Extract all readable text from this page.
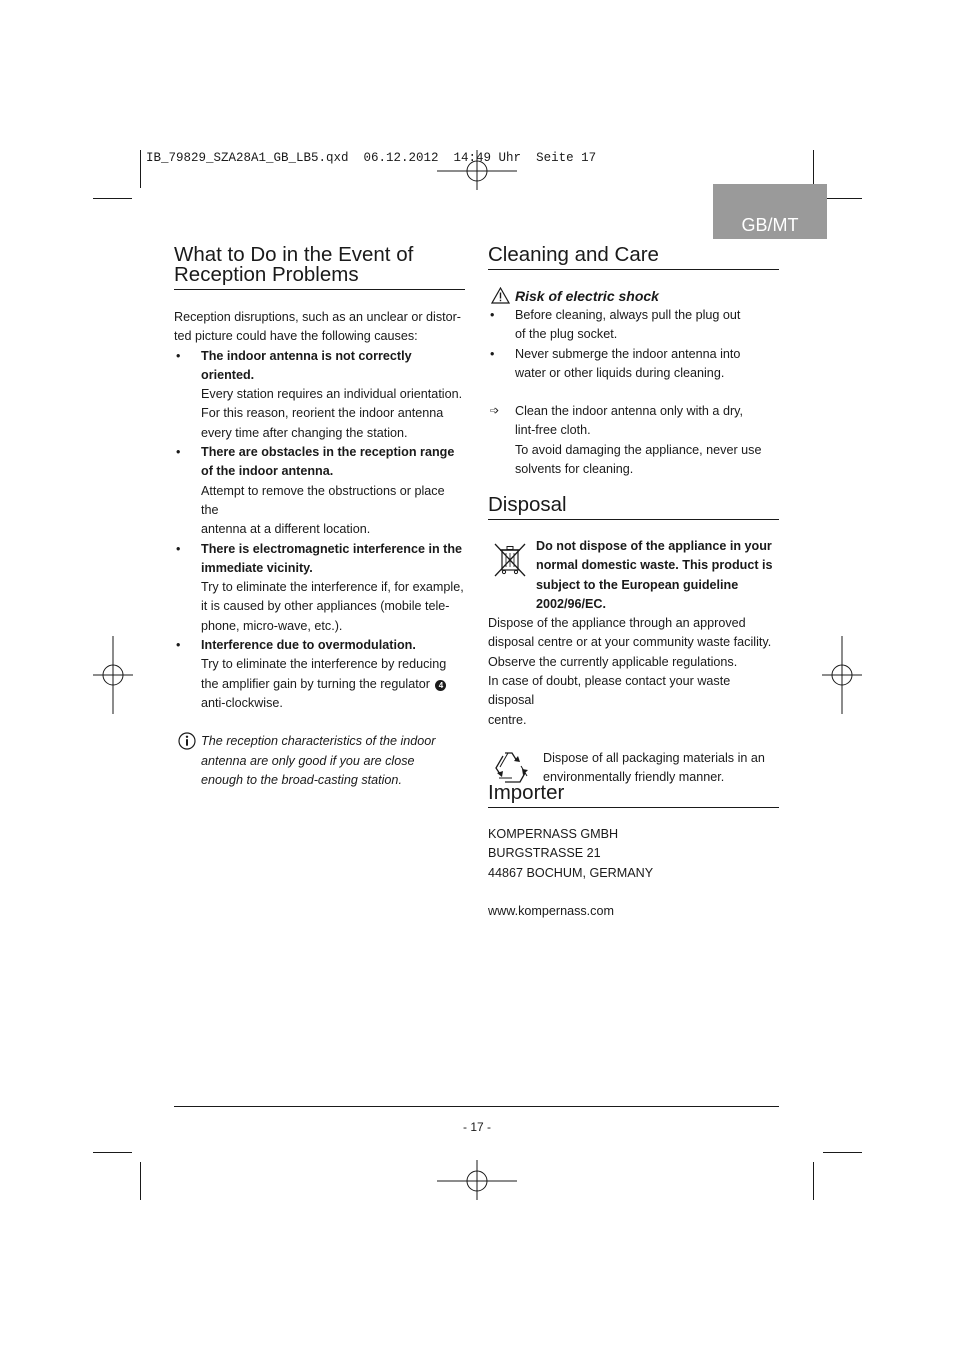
IB_79829_SZA28A1_GB_LB5.qxd  06.12.2012  14:49 Uhr  Seite 17
GB/MT
What to Do in the Event of
Reception Problems

Reception disruptions, such as an unclear or distor-
ted picture could have the following causes:

• The indoor antenna is not correctly oriented.
Every station requires an individual orientation.
For this reason, reorient the indoor antenna
every time after changing the station.
• There are obstacles in the reception range
of the indoor antenna.
Attempt to remove the obstructions or place the
antenna at a different location.
• There is electromagnetic interference in the
immediate vicinity.
Try to eliminate the interference if, for example,
it is caused by other appliances (mobile tele-
phone, micro-wave, etc.).
• Interference due to overmodulation.
Try to eliminate the interference by reducing
the amplifier gain by turning the regulator 4
anti-clockwise.

The reception characteristics of the indoor
antenna are only good if you are close
enough to the broad-casting station.

Cleaning and Care
Risk of electric shock
• Before cleaning, always pull the plug out
of the plug socket.
• Never submerge the indoor antenna into
water or other liquids during cleaning.
➩ Clean the indoor antenna only with a dry,
lint-free cloth.
To avoid damaging the appliance, never use
solvents for cleaning.
Disposal

Do not dispose of the appliance in your
normal domestic waste. This product is
subject to the European guideline
2002/96/EC.

Dispose of the appliance through an approved
disposal centre or at your community waste facility.
Observe the currently applicable regulations.
In case of doubt, please contact your waste disposal
centre.

Dispose of all packaging materials in an
environmentally friendly manner.

Importer

KOMPERNASS GMBH
BURGSTRASSE 21
44867 BOCHUM, GERMANY

www.kompernass.com

- 17 -
